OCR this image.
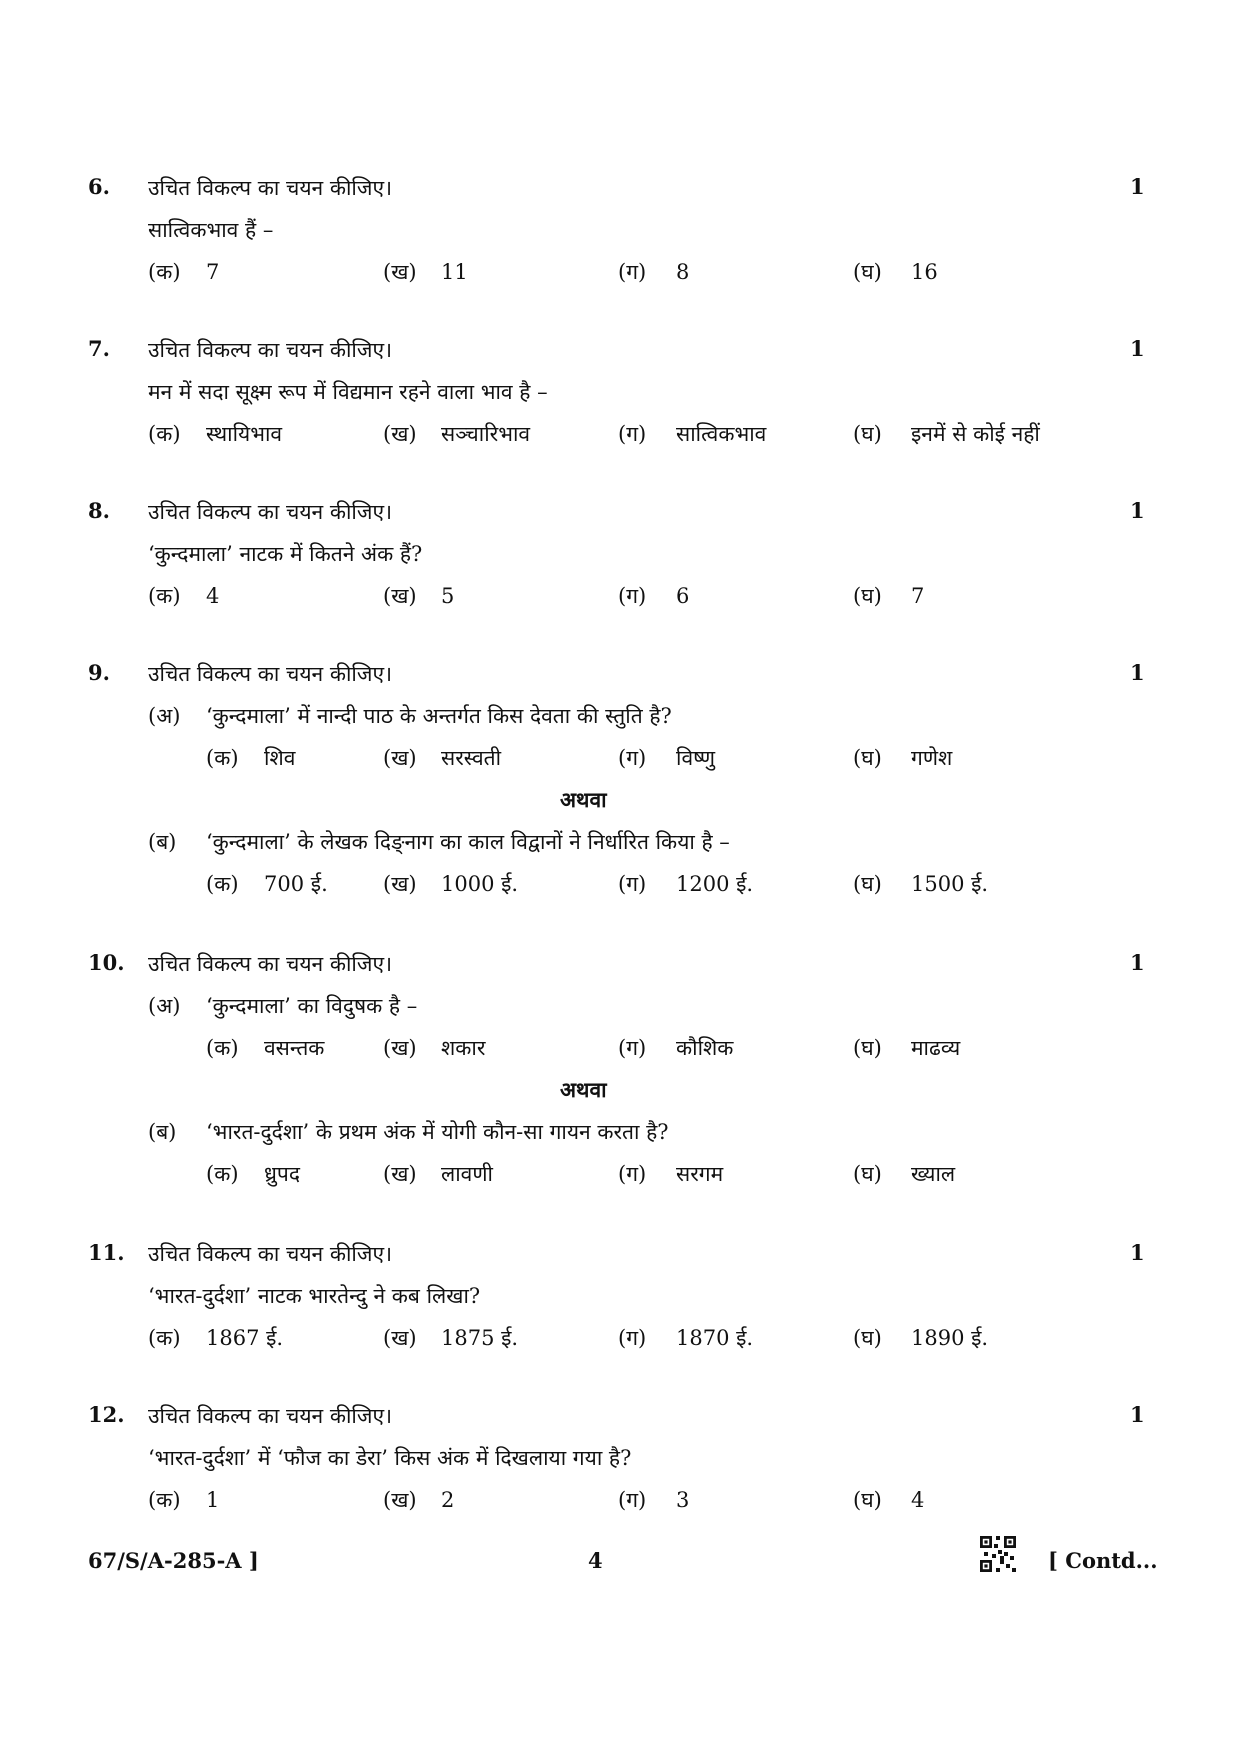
6. उचित विकल्प का चयन कीजिए।	1
सात्विकभाव हैं –
(क) 7	(ख) 11	(ग) 8	(घ) 16
7. उचित विकल्प का चयन कीजिए।	1
मन में सदा सूक्ष्म रूप में विद्यमान रहने वाला भाव है –
(क) स्थायिभाव	(ख) सञ्चारिभाव	(ग) सात्विकभाव	(घ) इनमें से कोई नहीं
8. उचित विकल्प का चयन कीजिए।	1
‘कुन्दमाला’ नाटक में कितने अंक हैं?
(क) 4	(ख) 5	(ग) 6	(घ) 7
9. उचित विकल्प का चयन कीजिए।	1
(अ) ‘कुन्दमाला’ में नान्दी पाठ के अन्तर्गत किस देवता की स्तुति है?
(क) शिव	(ख) सरस्वती	(ग) विष्णु	(घ) गणेश
अथवा
(ब) ‘कुन्दमाला’ के लेखक दिङ्नाग का काल विद्वानों ने निर्धारित किया है –
(क) 700 ई.	(ख) 1000 ई.	(ग) 1200 ई.	(घ) 1500 ई.
10. उचित विकल्प का चयन कीजिए।	1
(अ) ‘कुन्दमाला’ का विदुषक है –
(क) वसन्तक	(ख) शकार	(ग) कौशिक	(घ) माढव्य
अथवा
(ब) ‘भारत-दुर्दशा’ के प्रथम अंक में योगी कौन-सा गायन करता है?
(क) ध्रुपद	(ख) लावणी	(ग) सरगम	(घ) ख्याल
11. उचित विकल्प का चयन कीजिए।	1
‘भारत-दुर्दशा’ नाटक भारतेन्दु ने कब लिखा?
(क) 1867 ई.	(ख) 1875 ई.	(ग) 1870 ई.	(घ) 1890 ई.
12. उचित विकल्प का चयन कीजिए।	1
‘भारत-दुर्दशा’ में ‘फौज का डेरा’ किस अंक में दिखलाया गया है?
(क) 1	(ख) 2	(ग) 3	(घ) 4
67/S/A-285-A ]	4	[ Contd...
